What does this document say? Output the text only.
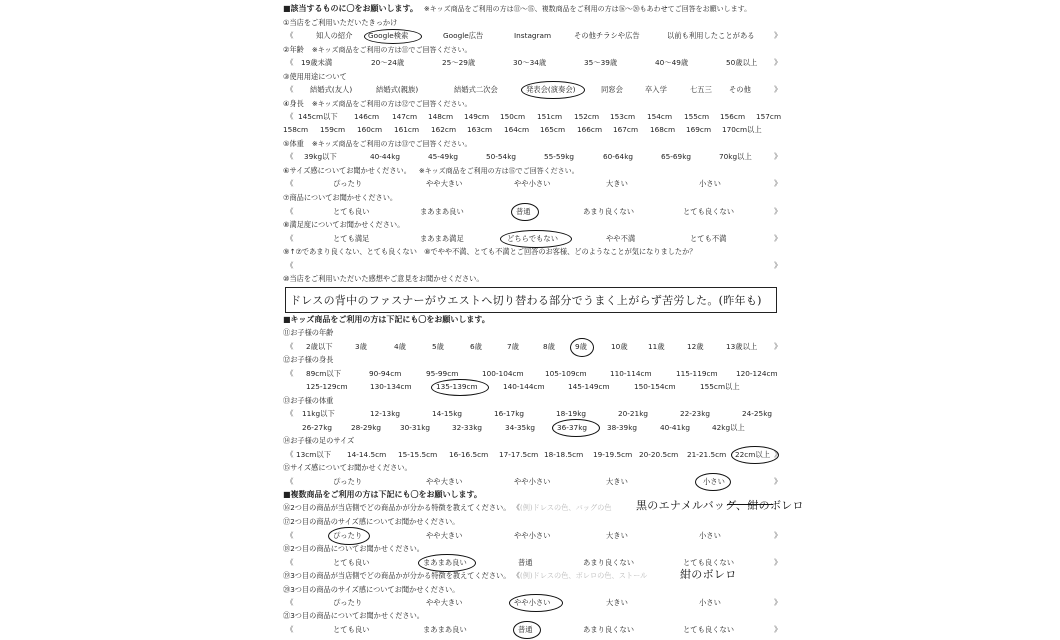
■該当するものに〇をお願いします。 ※キッズ商品をご利用の方は⑪～⑮、複数商品をご利用の方は⑯～⑳もあわせてご回答をお願いします。
①当店をご利用いただいたきっかけ
《	知人の紹介 Google検索	Google広告	Instagram	その他チラシや広告	以前も利用したことがある	》
②年齢 ※キッズ商品をご利用の方は⑪でご回答ください。
《 19歳未満	20～24歳	25～29歳	30～34歳	35～39歳	40～49歳	50歳以上 》
③使用用途について
《 結婚式(友人)	結婚式(親族)	結婚式二次会	発表会(演奏会)	同窓会	卒入学	七五三 その他	》
④身長 ※キッズ商品をご利用の方は⑫でご回答ください。
《 145cm以下 146cm 147cm 148cm 149cm 150cm 151cm 152cm 153cm 154cm 155cm 156cm 157cm
158cm 159cm 160cm 161cm 162cm 163cm 164cm 165cm 166cm 167cm 168cm 169cm 170cm以上
⑤体重 ※キッズ商品をご利用の方は⑬でご回答ください。
《 39kg以下	40-44kg	45-49kg	50-54kg	55-59kg	60-64kg	65-69kg	70kg以上	》
⑥サイズ感についてお聞かせください。 ※キッズ商品をご利用の方は⑮でご回答ください。
《	ぴったり	やや大きい	やや小さい	大きい	小さい	》
⑦商品についてお聞かせください。
《	とても良い	まあまあ良い	普通	あまり良くない	とても良くない	》
⑧満足度についてお聞かせください。
《	とても満足	まあまあ満足	どちらでもない	やや不満	とても不満	》
⑨↑⑦であまり良くない、とても良くない　⑧でやや不満、とても不満とご回答のお客様、どのようなことが気になりましたか？
《	》
⑩当店をご利用いただいた感想やご意見をお聞かせください。
ドレスの背中のファスナーがウエストへ切り替わる部分でうまく上がらず苦労した。(昨年も)
■キッズ商品をご利用の方は下記にも〇をお願いします。
⑪お子様の年齢
《 2歳以下	3歳	4歳	5歳	6歳	7歳	8歳	9歳	10歳	11歳	12歳	13歳以上 》
⑫お子様の身長
《 89cm以下	90-94cm	95-99cm	100-104cm	105-109cm	110-114cm	115-119cm	120-124cm
125-129cm	130-134cm	135-139cm	140-144cm	145-149cm	150-154cm	155cm以上
⑬お子様の体重
《 11kg以下	12-13kg	14-15kg	16-17kg	18-19kg	20-21kg	22-23kg	24-25kg
26-27kg	28-29kg	30-31kg	32-33kg	34-35kg	36-37kg	38-39kg	40-41kg	42kg以上
⑭お子様の足のサイズ
《 13cm以下 14-14.5cm 15-15.5cm 16-16.5cm 17-17.5cm 18-18.5cm 19-19.5cm 20-20.5cm 21-21.5cm 22cm以上 》
⑮サイズ感についてお聞かせください。
《	ぴったり	やや大きい	やや小さい	大きい	小さい	》
■複数商品をご利用の方は下記にも〇をお願いします。
⑯2つ目の商品が当店側でどの商品かが分かる特徴を教えてください。 《(例)ドレスの色、バッグの色 黒のエナメルバッグ、紺のボレロ
⑰2つ目の商品のサイズ感についてお聞かせください。
《	ぴったり	やや大きい	やや小さい	大きい	小さい	》
⑱2つ目の商品についてお聞かせください。
《	とても良い	まあまあ良い	普通	あまり良くない	とても良くない	》
⑲3つ目の商品が当店側でどの商品かが分かる特徴を教えてください。 《(例)ドレスの色、ボレロの色、ストール	紺のボレロ
⑳3つ目の商品のサイズ感についてお聞かせください。
《	ぴったり	やや大きい	やや小さい	大きい	小さい	》
㉑3つ目の商品についてお聞かせください。
《	とても良い	まあまあ良い	普通	あまり良くない	とても良くない	》
